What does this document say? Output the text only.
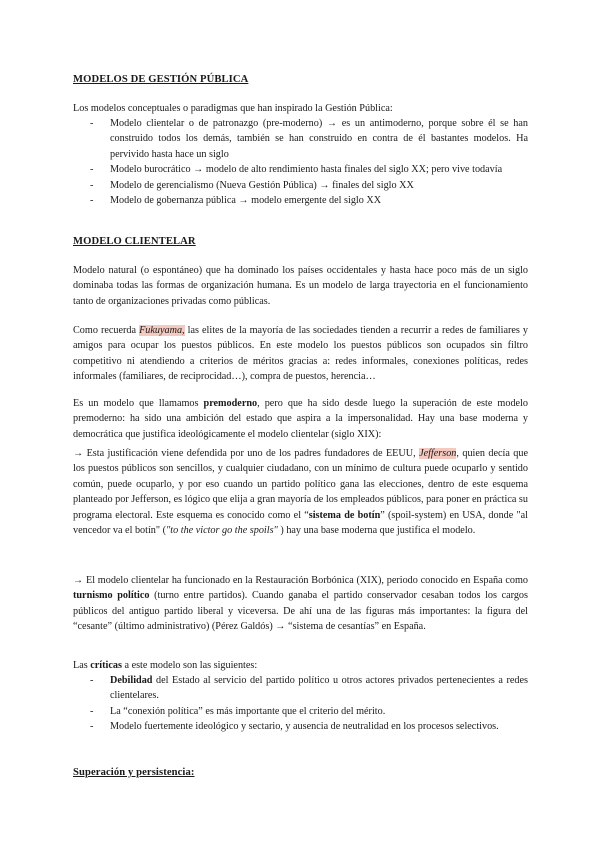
MODELOS DE GESTIÓN PÚBLICA

Los modelos conceptuales o paradigmas que han inspirado la Gestión Pública:

- Modelo clientelar o de patronazgo (pre-moderno) → es un antimoderno, porque sobre él se han construido todos los demás, también se han construido en contra de él bastantes modelos. Ha pervivido hasta hace un siglo
- Modelo burocrático → modelo de alto rendimiento hasta finales del siglo XX; pero vive todavía
- Modelo de gerencialismo (Nueva Gestión Pública) → finales del siglo XX
- Modelo de gobernanza pública → modelo emergente del siglo XX
MODELO CLIENTELAR

Modelo natural (o espontáneo) que ha dominado los países occidentales y hasta hace poco más de un siglo dominaba todas las formas de organización humana. Es un modelo de larga trayectoria en el funcionamiento tanto de organizaciones privadas como públicas.

Como recuerda Fukuyama, las elites de la mayoría de las sociedades tienden a recurrir a redes de familiares y amigos para ocupar los puestos públicos. En este modelo los puestos públicos son ocupados sin filtro competitivo ni atendiendo a criterios de méritos gracias a: redes informales, conexiones políticas, redes informales (familiares, de reciprocidad…), compra de puestos, herencia…

Es un modelo que llamamos premoderno, pero que ha sido desde luego la superación de este modelo premoderno: ha sido una ambición del estado que aspira a la impersonalidad. Hay una base moderna y democrática que justifica ideológicamente el modelo clientelar (siglo XIX):

→ Esta justificación viene defendida por uno de los padres fundadores de EEUU, Jefferson, quien decía que los puestos públicos son sencillos, y cualquier ciudadano, con un mínimo de cultura puede ocuparlo y sentido común, puede ocuparlo, y por eso cuando un partido político gana las elecciones, dentro de este esquema planteado por Jefferson, es lógico que elija a gran mayoría de los empleados públicos, para poner en práctica su programa electoral. Este esquema es conocido como el “sistema de botín” (spoil-system) en USA, donde "al vencedor va el botín" ("to the victor go the spoils" ) hay una base moderna que justifica el modelo.

→ El modelo clientelar ha funcionado en la Restauración Borbónica (XIX), periodo conocido en España como turnismo político (turno entre partidos). Cuando ganaba el partido conservador cesaban todos los cargos públicos del antiguo partido liberal y viceversa. De ahí una de las figuras más importantes: la figura del “cesante” (último administrativo) (Pérez Galdós) → “sistema de cesantías” en España.

Las críticas a este modelo son las siguientes:

- Debilidad del Estado al servicio del partido político u otros actores privados pertenecientes a redes clientelares.
- La “conexión política” es más importante que el criterio del mérito.
- Modelo fuertemente ideológico y sectario, y ausencia de neutralidad en los procesos selectivos.
Superación y persistencia:
